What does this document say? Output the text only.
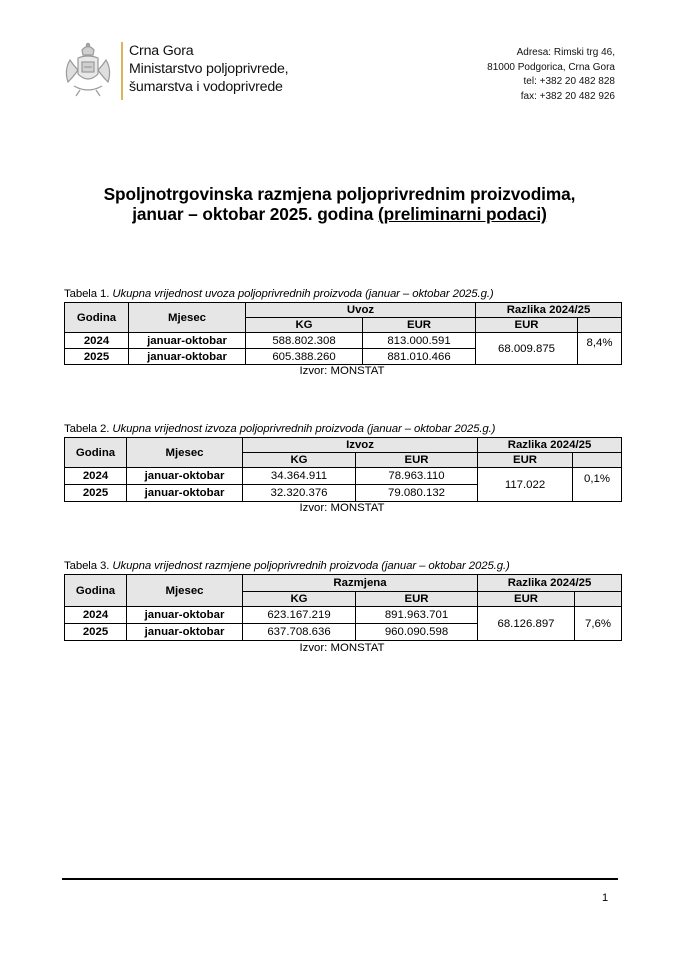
Crna Gora
Ministarstvo poljoprivrede,
šumarstva i vodoprivrede
Adresa: Rimski trg 46,
81000 Podgorica, Crna Gora
tel: +382 20 482 828
fax: +382 20 482 926
Spoljnotrgovinska razmjena poljoprivrednim proizvodima,
januar – oktobar 2025. godina (preliminarni podaci)
Tabela 1. Ukupna vrijednost uvoza poljoprivrednih proizvoda (januar – oktobar 2025.g.)
Godina	Mjesec	Uvoz		Razlika 2024/25	
		KG	EUR	EUR	
2024	januar-oktobar	588.802.308	813.000.591	68.009.875	8,4%
2025	januar-oktobar	605.388.260	881.010.466		
Izvor: MONSTAT
Tabela 2. Ukupna vrijednost izvoza poljoprivrednih proizvoda (januar – oktobar 2025.g.)
Godina	Mjesec	Izvoz		Razlika 2024/25	
		KG	EUR	EUR	
2024	januar-oktobar	34.364.911	78.963.110	117.022	0,1%
2025	januar-oktobar	32.320.376	79.080.132		
Izvor: MONSTAT
Tabela 3. Ukupna vrijednost razmjene poljoprivrednih proizvoda (januar – oktobar 2025.g.)
Godina	Mjesec	Razmjena		Razlika 2024/25	
		KG	EUR	EUR	
2024	januar-oktobar	623.167.219	891.963.701	68.126.897	7,6%
2025	januar-oktobar	637.708.636	960.090.598		
Izvor: MONSTAT
1
